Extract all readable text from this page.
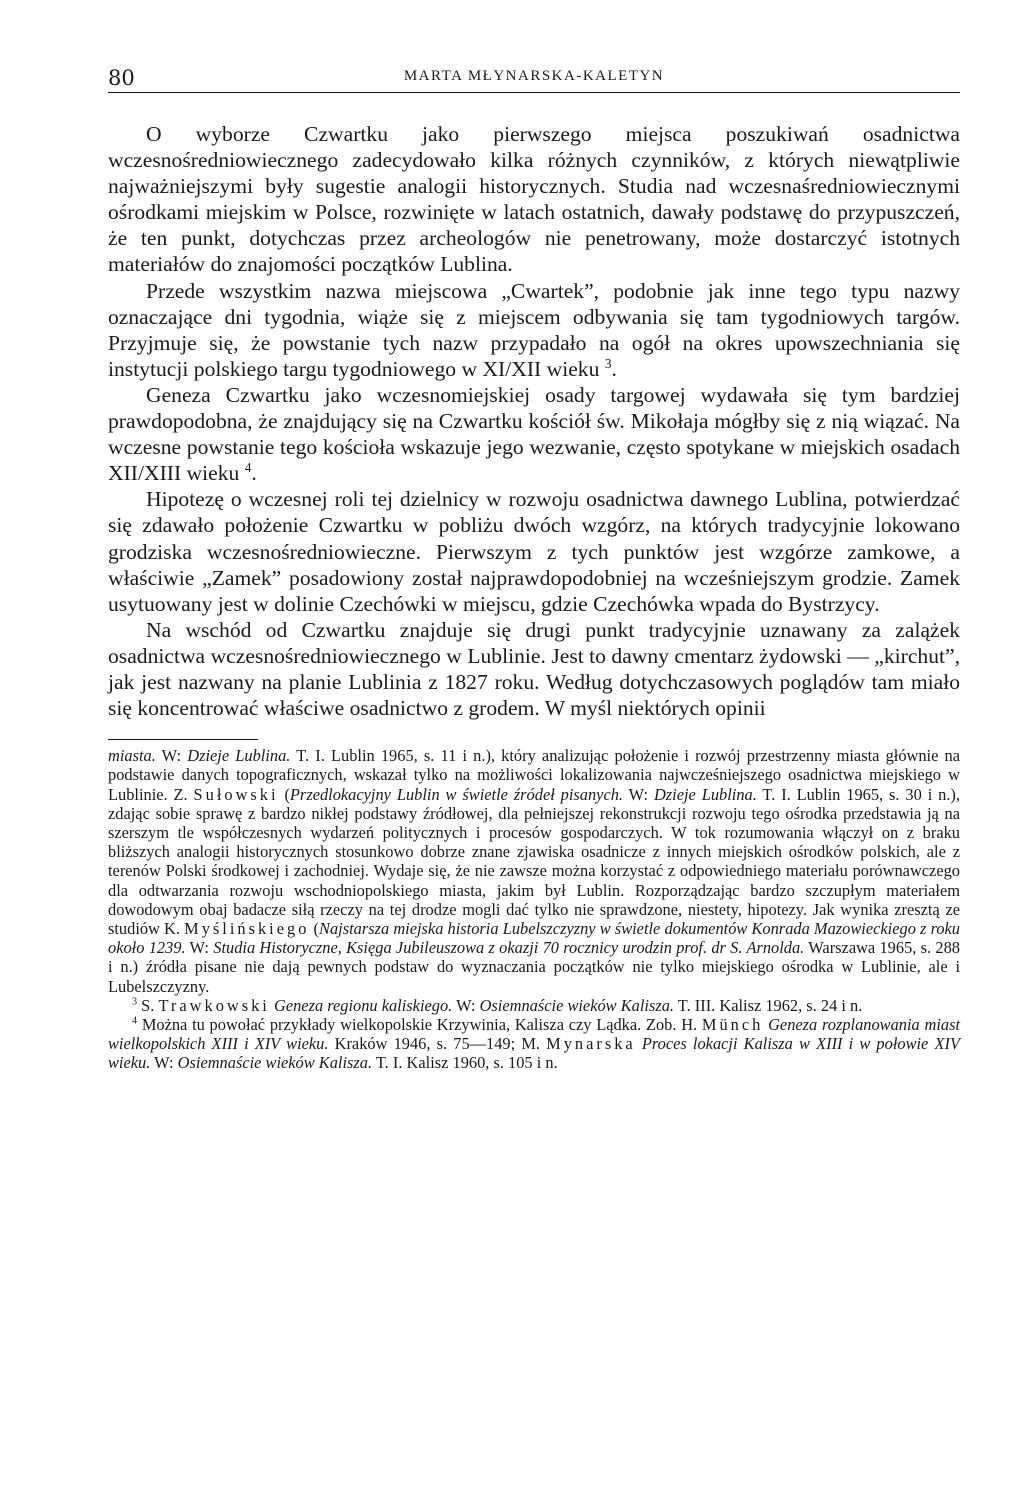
80	MARTA MŁYNARSKA-KALETYN

O wyborze Czwartku jako pierwszego miejsca poszukiwań osadnictwa wczesnośredniowiecznego zadecydowało kilka różnych czynników, z których niewątpliwie najważniejszymi były sugestie analogii historycznych. Studia nad wczesnaśredniowiecznymi ośrodkami miejskim w Polsce, rozwinięte w latach ostatnich, dawały podstawę do przypuszczeń, że ten punkt, dotychczas przez archeologów nie penetrowany, może dostarczyć istotnych materiałów do znajomości początków Lublina.

Przede wszystkim nazwa miejscowa „Cwartek”, podobnie jak inne tego typu nazwy oznaczające dni tygodnia, wiąże się z miejscem odbywania się tam tygodniowych targów. Przyjmuje się, że powstanie tych nazw przypadało na ogół na okres upowszechniania się instytucji polskiego targu tygodniowego w XI/XII wieku $^3$.

Geneza Czwartku jako wczesnomiejskiej osady targowej wydawała się tym bardziej prawdopodobna, że znajdujący się na Czwartku kościół św. Mikołaja mógłby się z nią wiązać. Na wczesne powstanie tego kościoła wskazuje jego wezwanie, często spotykane w miejskich osadach XII/XIII wieku $^4$.

Hipotezę o wczesnej roli tej dzielnicy w rozwoju osadnictwa dawnego Lublina, potwierdzać się zdawało położenie Czwartku w pobliżu dwóch wzgórz, na których tradycyjnie lokowano grodziska wczesnośredniowieczne. Pierwszym z tych punktów jest wzgórze zamkowe, a właściwie „Zamek” posadowiony został najprawdopodobniej na wcześniejszym grodzie. Zamek usytuowany jest w dolinie Czechówki w miejscu, gdzie Czechówka wpada do Bystrzycy.

Na wschód od Czwartku znajduje się drugi punkt tradycyjnie uznawany za zalążek osadnictwa wczesnośredniowiecznego w Lublinie. Jest to dawny cmentarz żydowski — „kirchut”, jak jest nazwany na planie Lublinia z 1827 roku. Według dotychczasowych poglądów tam miało się koncentrować właściwe osadnictwo z grodem. W myśl niektórych opinii

miasta. W: Dzieje Lublina. T. I. Lublin 1965, s. 11 i n.), który analizując położenie i rozwój przestrzenny miasta głównie na podstawie danych topograficznych, wskazał tylko na możliwości lokalizowania najwcześniejszego osadnictwa miejskiego w Lublinie. Z. Sułowski (Przedlokacyjny Lublin w świetle źródeł pisanych. W: Dzieje Lublina. T. I. Lublin 1965, s. 30 i n.), zdając sobie sprawę z bardzo nikłej podstawy źródłowej, dla pełniejszej rekonstrukcji rozwoju tego ośrodka przedstawia ją na szerszym tle współczesnych wydarzeń politycznych i procesów gospodarczych. W tok rozumowania włączył on z braku bliższych analogii historycznych stosunkowo dobrze znane zjawiska osadnicze z innych miejskich ośrodków polskich, ale z terenów Polski środkowej i zachodniej. Wydaje się, że nie zawsze można korzystać z odpowiedniego materiału porównawczego dla odtwarzania rozwoju wschodniopolskiego miasta, jakim był Lublin. Rozporządzając bardzo szczupłym materiałem dowodowym obaj badacze siłą rzeczy na tej drodze mogli dać tylko nie sprawdzone, niestety, hipotezy. Jak wynika zresztą ze studiów K. Myślińskiego (Najstarsza miejska historia Lubelszczyzny w świetle dokumentów Konrada Mazowieckiego z roku około 1239. W: Studia Historyczne, Księga Jubileuszowa z okazji 70 rocznicy urodzin prof. dr S. Arnolda. Warszawa 1965, s. 288 i n.) źródła pisane nie dają pewnych podstaw do wyznaczania początków nie tylko miejskiego ośrodka w Lublinie, ale i Lubelszczyzny.

$^3$ S. Trawkowski Geneza regionu kaliskiego. W: Osiemnaście wieków Kalisza. T. III. Kalisz 1962, s. 24 i n.

$^4$ Można tu powołać przykłady wielkopolskie Krzywinia, Kalisza czy Lądka. Zob. H. Münch Geneza rozplanowania miast wielkopolskich XIII i XIV wieku. Kraków 1946, s. 75—149; M. Mynarska Proces lokacji Kalisza w XIII i w połowie XIV wieku. W: Osiemnaście wieków Kalisza. T. I. Kalisz 1960, s. 105 i n.
